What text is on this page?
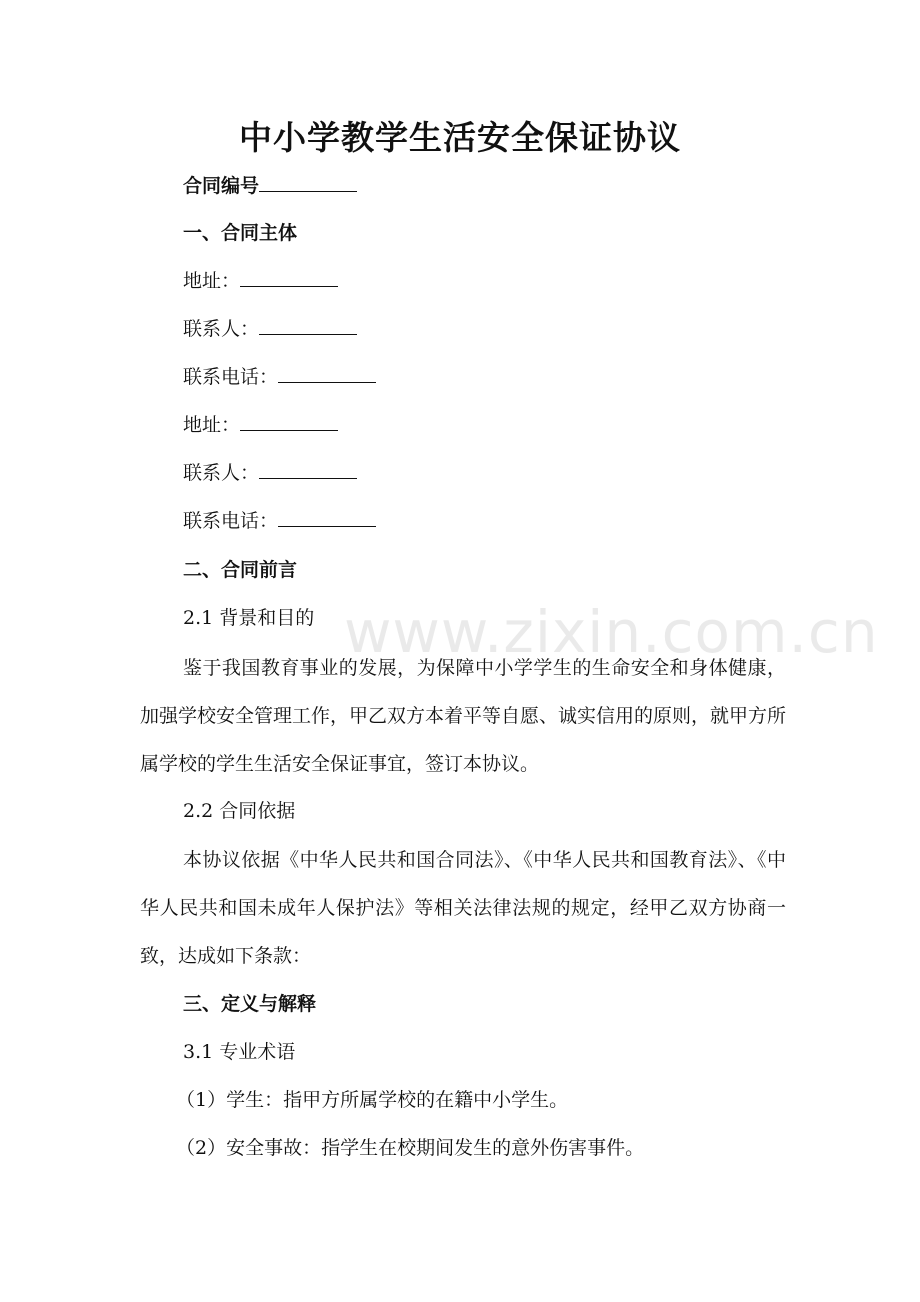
www.zixin.com.cn
中小学教学生活安全保证协议
合同编号
一、合同主体
地址：
联系人：
联系电话：
地址：
联系人：
联系电话：
二、合同前言
2.1 背景和目的
鉴于我国教育事业的发展，为保障中小学学生的生命安全和身体健康，加强学校安全管理工作，甲乙双方本着平等自愿、诚实信用的原则，就甲方所属学校的学生生活安全保证事宜，签订本协议。
2.2 合同依据
本协议依据《中华人民共和国合同法》、《中华人民共和国教育法》、《中华人民共和国未成年人保护法》等相关法律法规的规定，经甲乙双方协商一致，达成如下条款：
三、定义与解释
3.1 专业术语
（1）学生：指甲方所属学校的在籍中小学生。
（2）安全事故：指学生在校期间发生的意外伤害事件。
